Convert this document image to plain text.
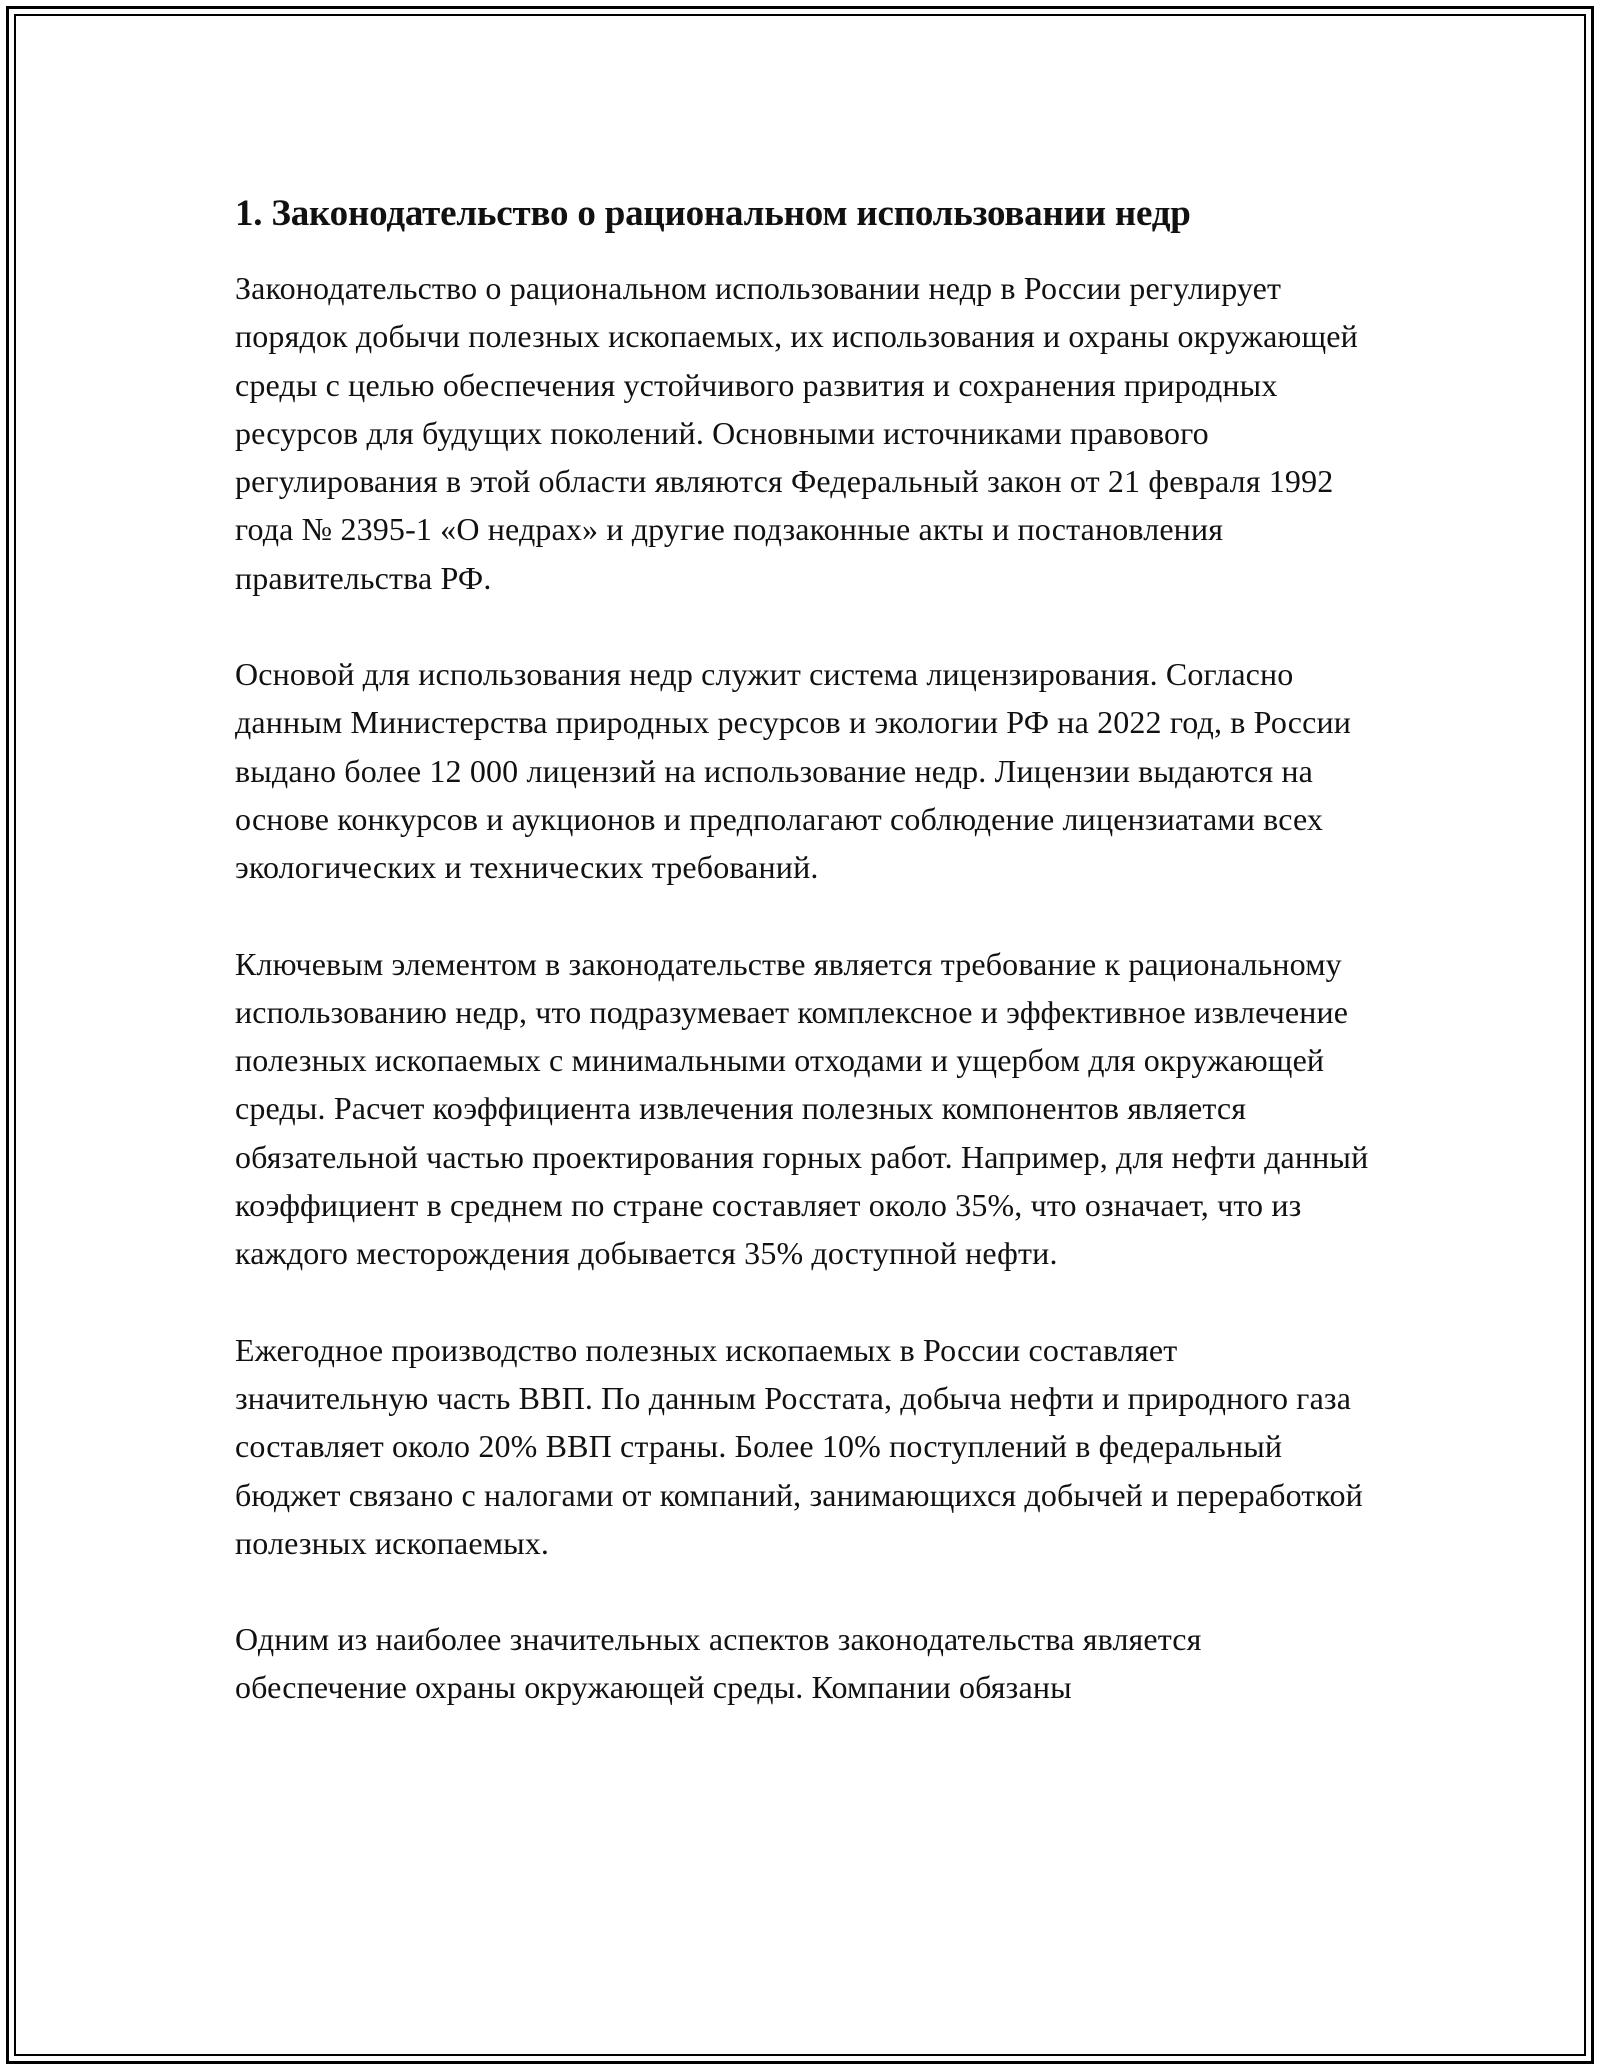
1. Законодательство о рациональном использовании недр

Законодательство о рациональном использовании недр в России регулирует порядок добычи полезных ископаемых, их использования и охраны окружающей среды с целью обеспечения устойчивого развития и сохранения природных ресурсов для будущих поколений. Основными источниками правового регулирования в этой области являются Федеральный закон от 21 февраля 1992 года № 2395-1 «О недрах» и другие подзаконные акты и постановления правительства РФ.

Основой для использования недр служит система лицензирования. Согласно данным Министерства природных ресурсов и экологии РФ на 2022 год, в России выдано более 12 000 лицензий на использование недр. Лицензии выдаются на основе конкурсов и аукционов и предполагают соблюдение лицензиатами всех экологических и технических требований.

Ключевым элементом в законодательстве является требование к рациональному использованию недр, что подразумевает комплексное и эффективное извлечение полезных ископаемых с минимальными отходами и ущербом для окружающей среды. Расчет коэффициента извлечения полезных компонентов является обязательной частью проектирования горных работ. Например, для нефти данный коэффициент в среднем по стране составляет около 35%, что означает, что из каждого месторождения добывается 35% доступной нефти.

Ежегодное производство полезных ископаемых в России составляет значительную часть ВВП. По данным Росстата, добыча нефти и природного газа составляет около 20% ВВП страны. Более 10% поступлений в федеральный бюджет связано с налогами от компаний, занимающихся добычей и переработкой полезных ископаемых.

Одним из наиболее значительных аспектов законодательства является обеспечение охраны окружающей среды. Компании обязаны
